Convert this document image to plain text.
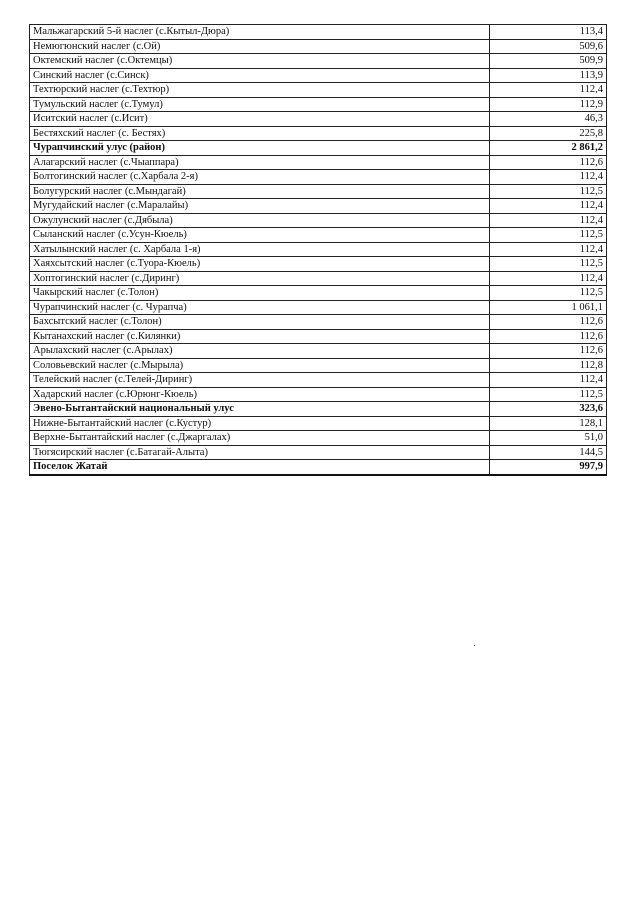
Мальжагарский 5-й наслег (с.Кытыл-Дюра)	113,4
Немюгюнский наслег (с.Ой)	509,6
Октемский наслег (с.Октемцы)	509,9
Синский наслег (с.Синск)	113,9
Техтюрский наслег (с.Техтюр)	112,4
Тумульский наслег (с.Тумул)	112,9
Иситский наслег (с.Исит)	46,3
Бестяхский наслег (с. Бестях)	225,8
Чурапчинский улус (район)	2 861,2
Алагарский наслег (с.Чыаппара)	112,6
Болтогинский наслег (с.Харбала 2-я)	112,4
Болугурский наслег (с.Мындагай)	112,5
Мугудайский наслег (с.Маралайы)	112,4
Ожулунский наслег (с.Дябыла)	112,4
Сыланский наслег (с.Усун-Кюель)	112,5
Хатылынский наслег (с. Харбала 1-я)	112,4
Хаяхсытский наслег (с.Туора-Кюель)	112,5
Хоптогинский наслег (с.Диринг)	112,4
Чакырский наслег (с.Толон)	112,5
Чурапчинский наслег (с. Чурапча)	1 061,1
Бахсытский наслег (с.Толон)	112,6
Кытанахский наслег (с.Килянки)	112,6
Арылахский наслег (с.Арылах)	112,6
Соловьевский наслег (с.Мырыла)	112,8
Телейский наслег (с.Телей-Диринг)	112,4
Хадарский наслег (с.Юрюнг-Кюель)	112,5
Эвено-Бытантайский национальный улус	323,6
Нижне-Бытантайский наслег (с.Кустур)	128,1
Верхне-Бытантайский наслег (с.Джаргалах)	51,0
Тюгясирский наслег (с.Батагай-Алыта)	144,5
Поселок Жатай	997,9
